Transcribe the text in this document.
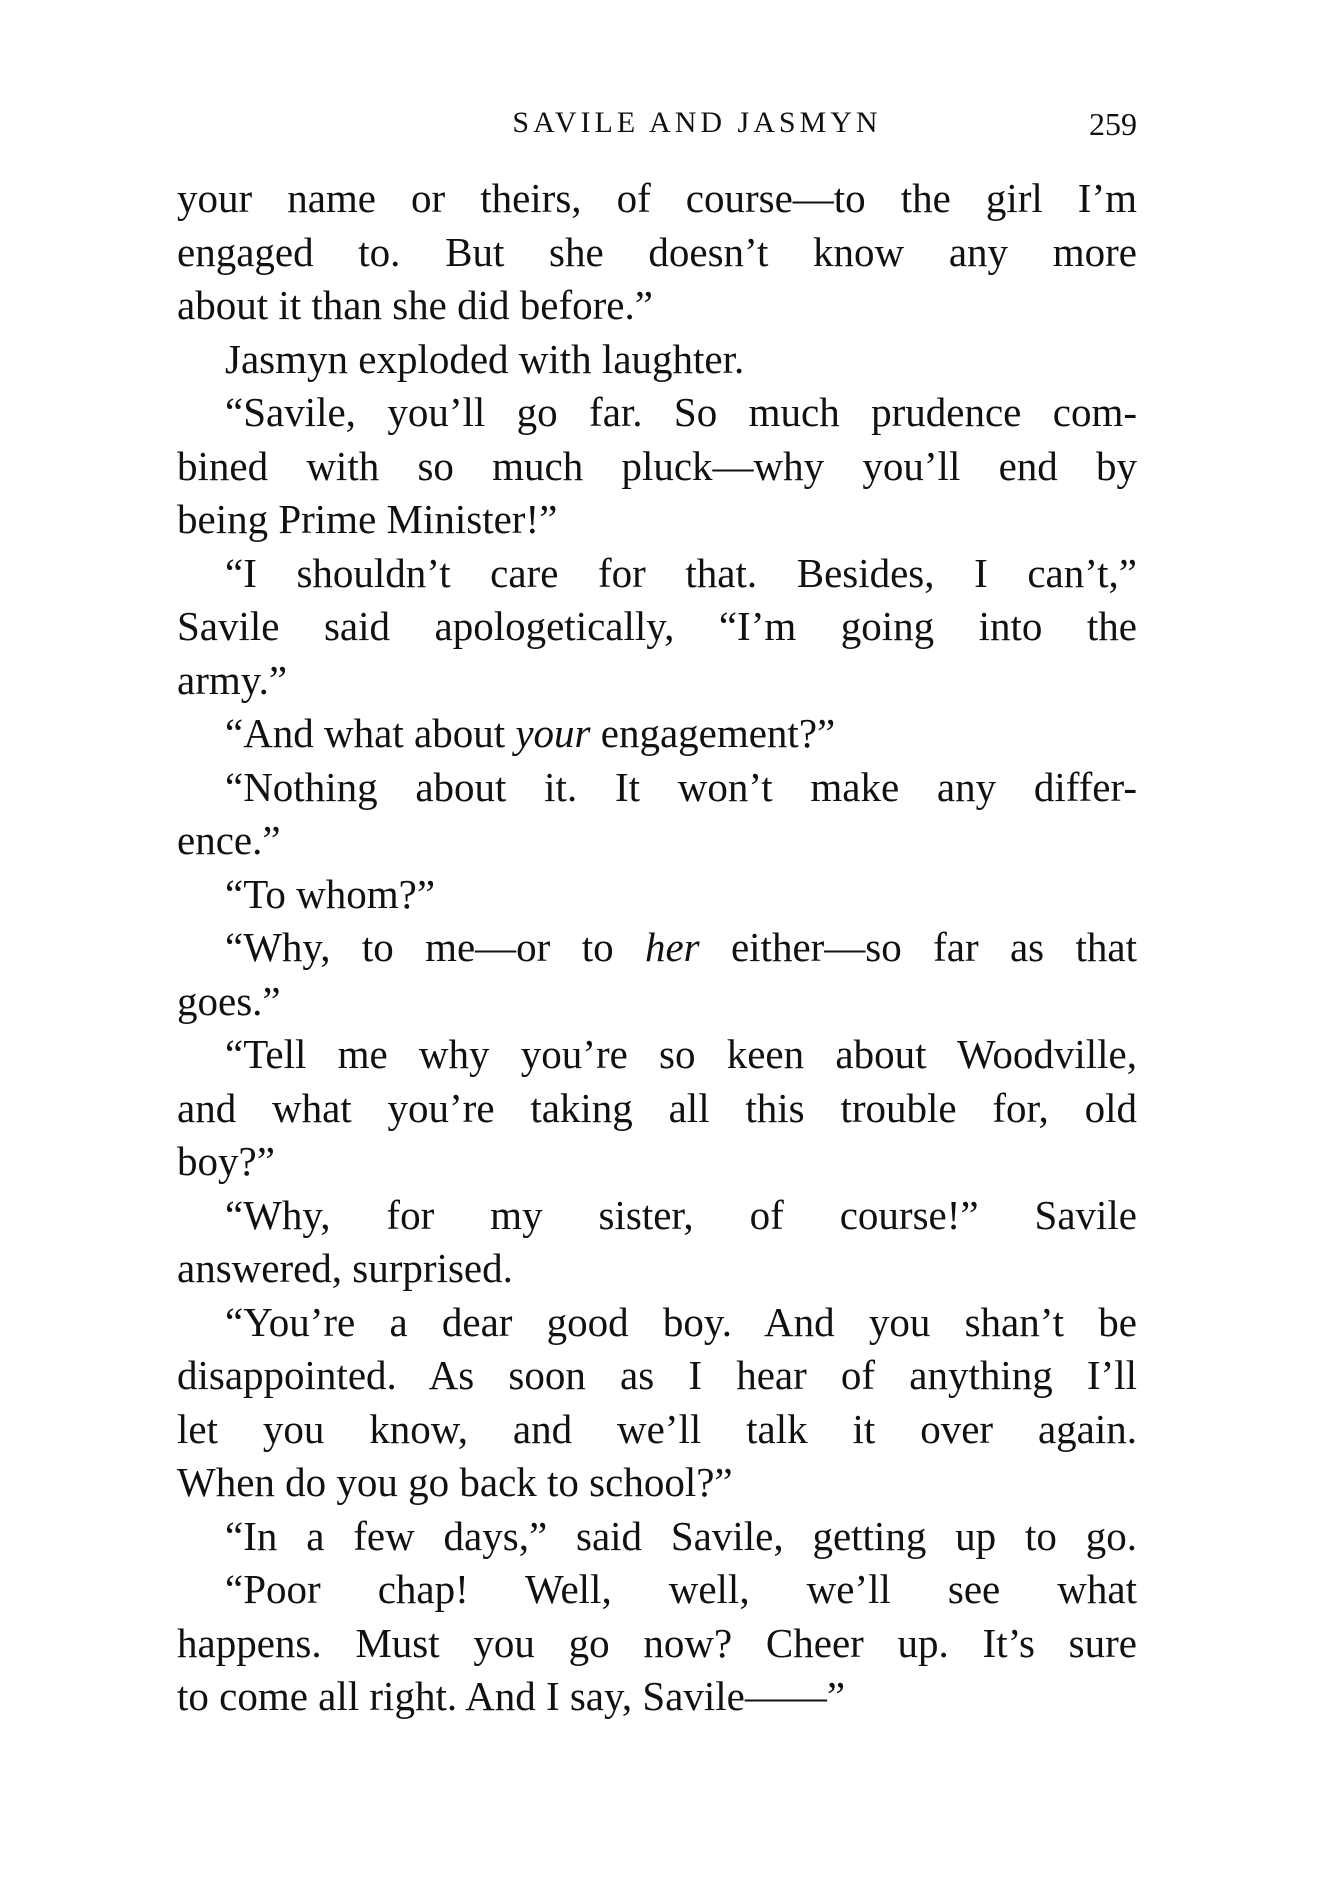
SAVILE AND JASMYN	259
your name or theirs, of course—to the girl I’m
engaged to. But she doesn’t know any more
about it than she did before.”
Jasmyn exploded with laughter.
“Savile, you’ll go far. So much prudence com-
bined with so much pluck—why you’ll end by
being Prime Minister!”
“I shouldn’t care for that. Besides, I can’t,”
Savile said apologetically, “I’m going into the
army.”
“And what about your engagement?”
“Nothing about it. It won’t make any differ-
ence.”
“To whom?”
“Why, to me—or to her either—so far as that
goes.”
“Tell me why you’re so keen about Woodville,
and what you’re taking all this trouble for, old
boy?”
“Why, for my sister, of course!” Savile
answered, surprised.
“You’re a dear good boy. And you shan’t be
disappointed. As soon as I hear of anything I’ll
let you know, and we’ll talk it over again.
When do you go back to school?”
“In a few days,” said Savile, getting up to go.
“Poor chap! Well, well, we’ll see what
happens. Must you go now? Cheer up. It’s sure
to come all right. And I say, Savile——”
